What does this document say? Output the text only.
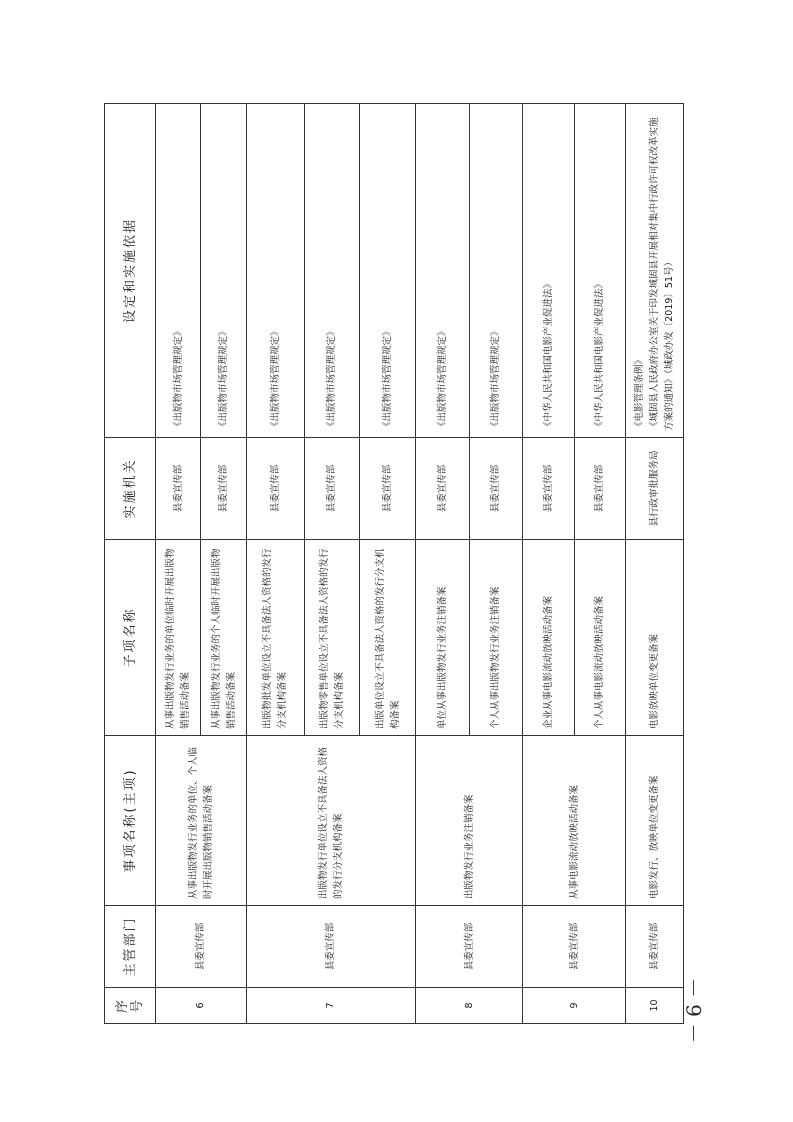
序号	主管部门	事项名称(主项)	子项名称	实施机关	设定和实施依据
6	县委宣传部	从事出版物发行业务的单位、个人临时开展出版物销售活动备案	从事出版物发行业务的单位临时开展出版物销售活动备案	县委宣传部	《出版物市场管理规定》
			从事出版物发行业务的个人临时开展出版物销售活动备案	县委宣传部	《出版物市场管理规定》
7	县委宣传部	出版物发行单位设立不具备法人资格的发行分支机构备案	出版物批发单位设立不具备法人资格的发行分支机构备案	县委宣传部	《出版物市场管理规定》
			出版物零售单位设立不具备法人资格的发行分支机构备案	县委宣传部	《出版物市场管理规定》
			出版单位设立不具备法人资格的发行分支机构备案	县委宣传部	《出版物市场管理规定》
8	县委宣传部	出版物发行业务注销备案	单位从事出版物发行业务注销备案	县委宣传部	《出版物市场管理规定》
			个人从事出版物发行业务注销备案	县委宣传部	《出版物市场管理规定》
9	县委宣传部	从事电影流动放映活动备案	企业从事电影流动放映活动备案	县委宣传部	《中华人民共和国电影产业促进法》
			个人从事电影流动放映活动备案	县委宣传部	《中华人民共和国电影产业促进法》
10	县委宣传部	电影发行、放映单位变更备案	电影放映单位变更备案	县行政审批服务局	《电影管理条例》 《城固县人民政府办公室关于印发城固县开展相对集中行政许可权改革实施方案的通知》（城政办发〔2019〕51号）
－ 6 －
